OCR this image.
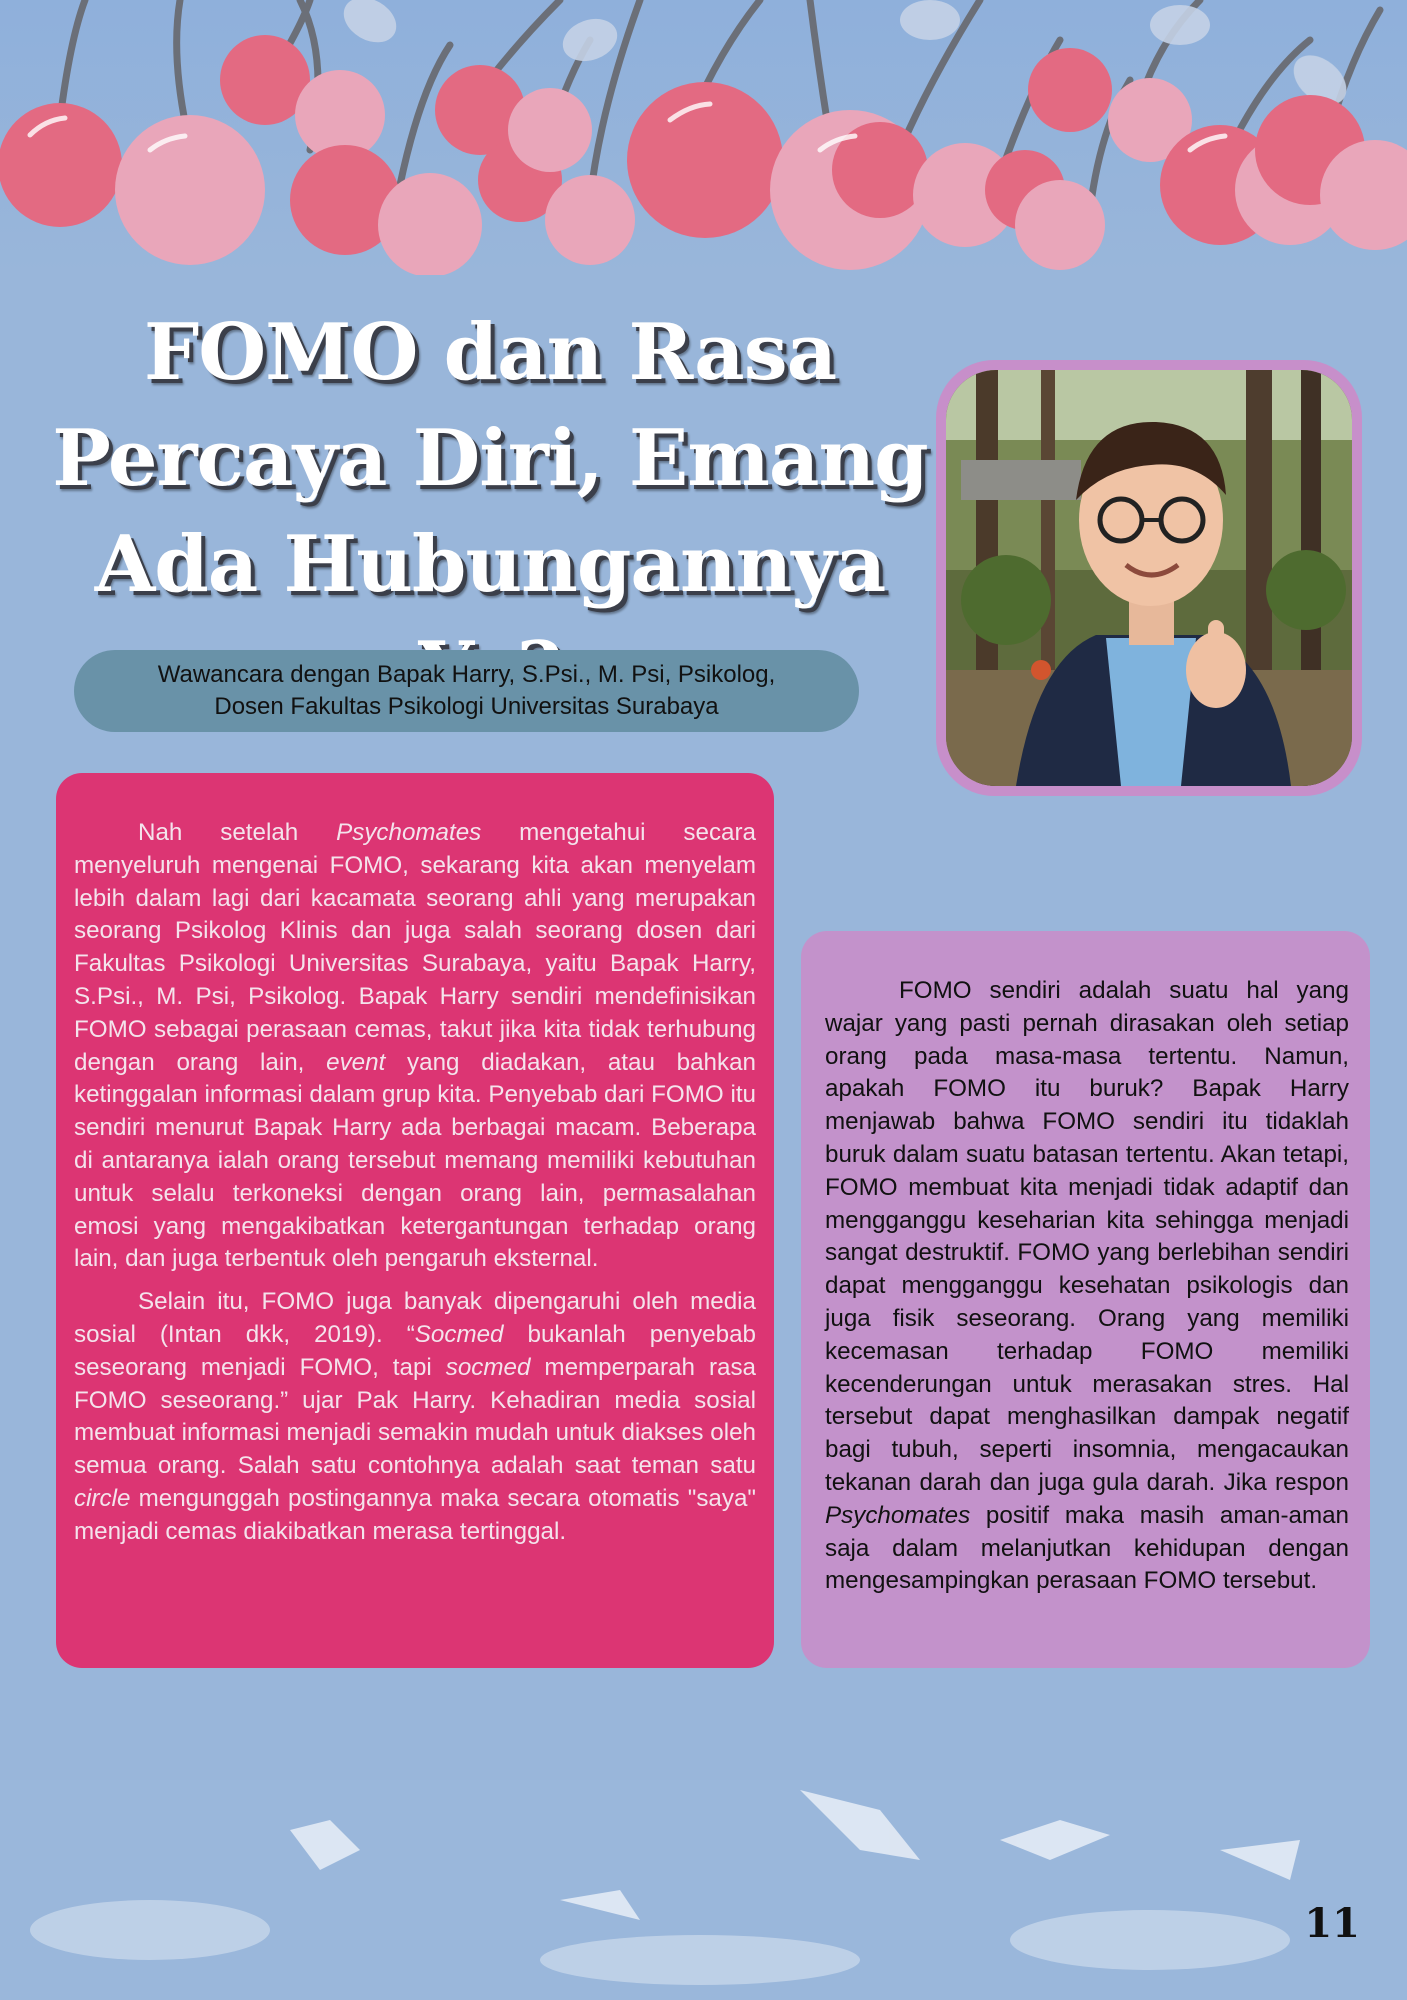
FOMO dan Rasa
Percaya Diri, Emang
Ada Hubungannya
Wawancara dengan Bapak Harry, S.Psi., M. Psi, Psikolog,
Dosen Fakultas Psikologi Universitas Surabaya

Nah setelah Psychomates mengetahui secara menyeluruh mengenai FOMO, sekarang kita akan menyelam lebih dalam lagi dari kacamata seorang ahli yang merupakan seorang Psikolog Klinis dan juga salah seorang dosen dari Fakultas Psikologi Universitas Surabaya, yaitu Bapak Harry, S.Psi., M. Psi, Psikolog. Bapak Harry sendiri mendefinisikan FOMO sebagai perasaan cemas, takut jika kita tidak terhubung dengan orang lain, event yang diadakan, atau bahkan ketinggalan informasi dalam grup kita. Penyebab dari FOMO itu sendiri menurut Bapak Harry ada berbagai macam. Beberapa di antaranya ialah orang tersebut memang memiliki kebutuhan untuk selalu terkoneksi dengan orang lain, permasalahan emosi yang mengakibatkan ketergantungan terhadap orang lain, dan juga terbentuk oleh pengaruh eksternal.

Selain itu, FOMO juga banyak dipengaruhi oleh media sosial (Intan dkk, 2019). “Socmed bukanlah penyebab seseorang menjadi FOMO, tapi socmed memperparah rasa FOMO seseorang.” ujar Pak Harry. Kehadiran media sosial membuat informasi menjadi semakin mudah untuk diakses oleh semua orang. Salah satu contohnya adalah saat teman satu circle mengunggah postingannya maka secara otomatis "saya" menjadi cemas diakibatkan merasa tertinggal.

FOMO sendiri adalah suatu hal yang wajar yang pasti pernah dirasakan oleh setiap orang pada masa-masa tertentu. Namun, apakah FOMO itu buruk? Bapak Harry menjawab bahwa FOMO sendiri itu tidaklah buruk dalam suatu batasan tertentu. Akan tetapi, FOMO membuat kita menjadi tidak adaptif dan mengganggu keseharian kita sehingga menjadi sangat destruktif. FOMO yang berlebihan sendiri dapat mengganggu kesehatan psikologis dan juga fisik seseorang. Orang yang memiliki kecemasan terhadap FOMO memiliki kecenderungan untuk merasakan stres. Hal tersebut dapat menghasilkan dampak negatif bagi tubuh, seperti insomnia, mengacaukan tekanan darah dan juga gula darah. Jika respon Psychomates positif maka masih aman-aman saja dalam melanjutkan kehidupan dengan mengesampingkan perasaan FOMO tersebut.

11
